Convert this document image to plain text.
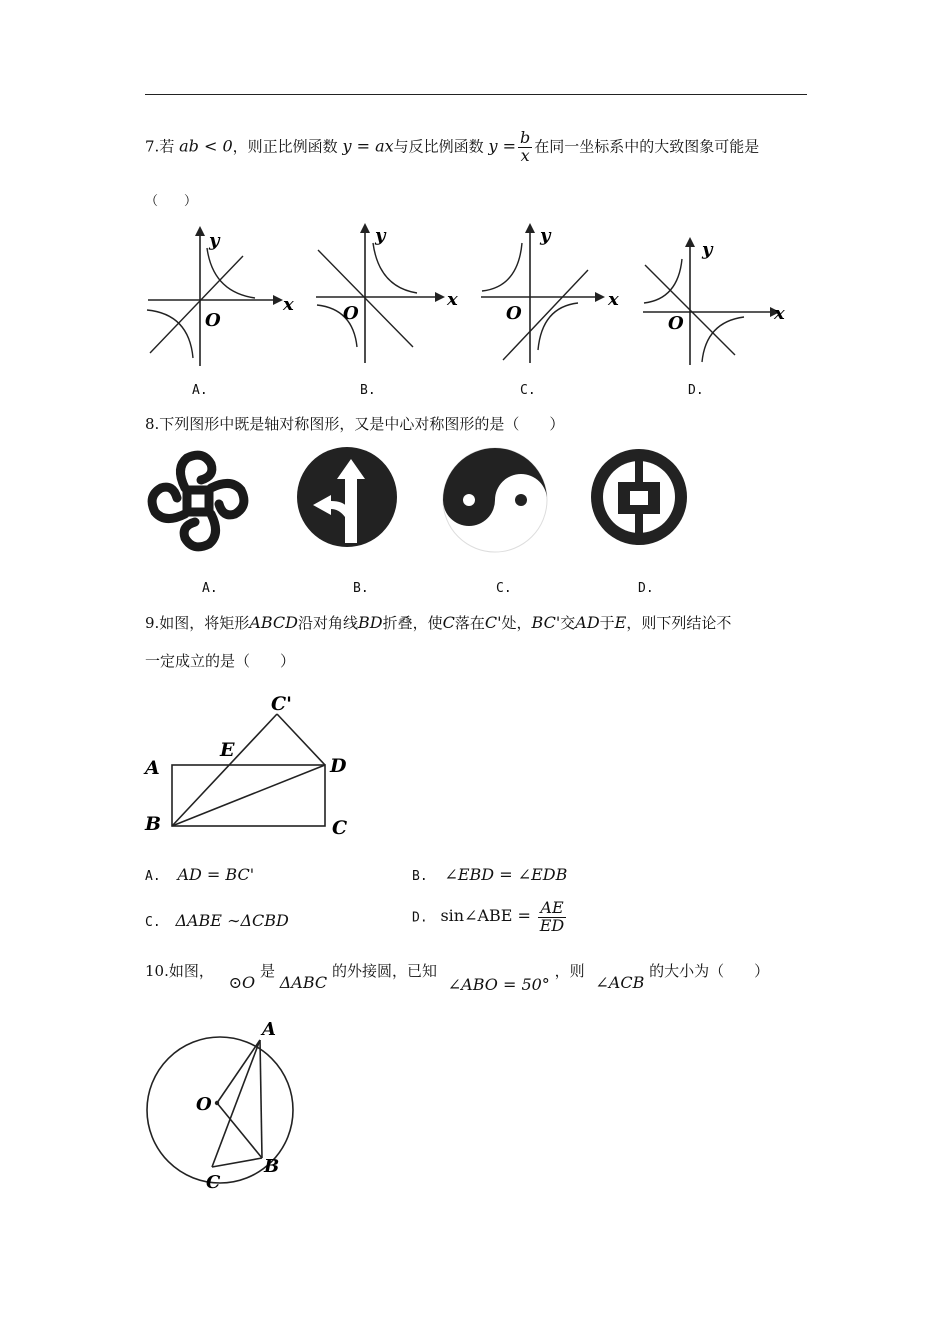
7.若 ab < 0，则正比例函数 y = ax与反比例函数 $y = \frac{b}{x}$ 在同一坐标系中的大致图象可能是
（　　）
y
x
O
y
x
O
y
x
O
y
x
O
A.	B.	C.	D.
8.下列图形中既是轴对称图形，又是中心对称图形的是（　　）
A.	B.	C.	D.
9.如图，将矩形ABCD沿对角线BD折叠，使C落在C'处，BC'交AD于E，则下列结论不
一定成立的是（　　）
C'
E
A	D
B	C
A. AD = BC'	B. ∠EBD = ∠EDB
C. ΔABE ∼ΔCBD	D. sin∠ABE = $\frac{AE}{ED}$
10.如图， ⊙O 是 ΔABC 的外接圆，已知 ∠ABO = 50° ，则 ∠ACB 的大小为（　　）
A
O
B
C
